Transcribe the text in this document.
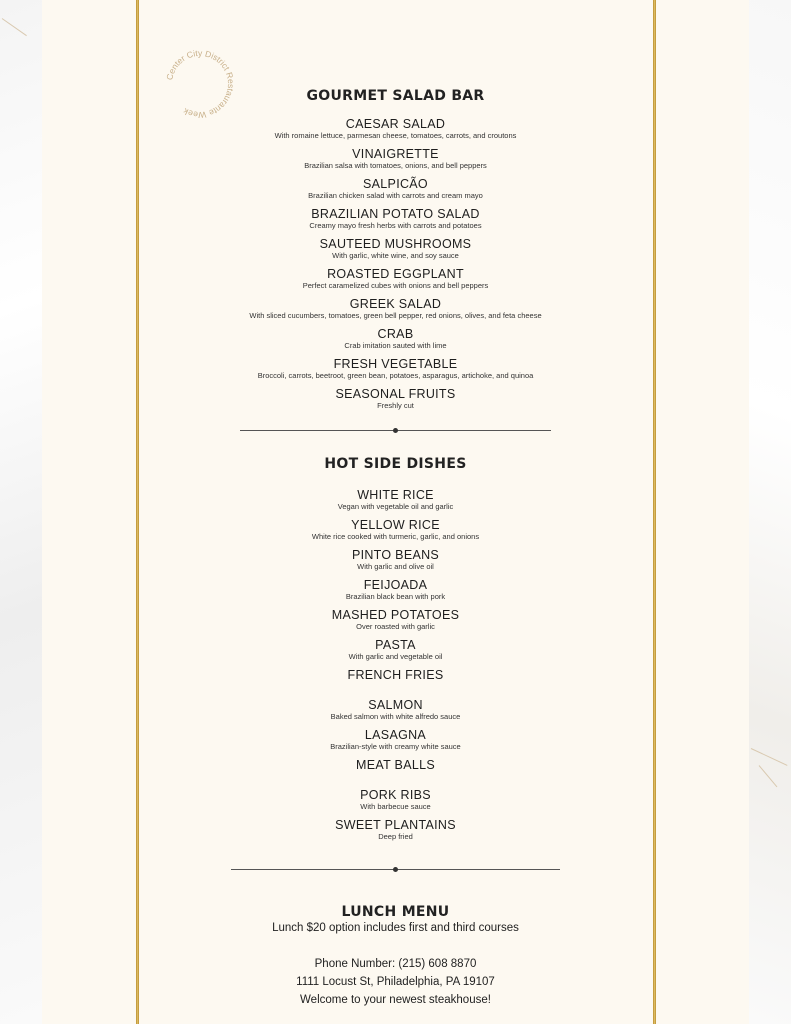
Center City District Restaurante Week
GOURMET SALAD BAR
CAESAR SALAD
With romaine lettuce, parmesan cheese, tomatoes, carrots, and croutons
VINAIGRETTE
Brazilian salsa with tomatoes, onions, and bell peppers
SALPICÃO
Brazilian chicken salad with carrots and cream mayo
BRAZILIAN POTATO SALAD
Creamy mayo fresh herbs with carrots and potatoes
SAUTEED MUSHROOMS
With garlic, white wine, and soy sauce
ROASTED EGGPLANT
Perfect caramelized cubes with onions and bell peppers
GREEK SALAD
With sliced cucumbers, tomatoes, green bell pepper, red onions, olives, and feta cheese
CRAB
Crab imitation sauted with lime
FRESH VEGETABLE
Broccoli, carrots, beetroot, green bean, potatoes, asparagus, artichoke, and quinoa
SEASONAL FRUITS
Freshly cut
HOT SIDE DISHES
WHITE RICE
Vegan with vegetable oil and garlic
YELLOW RICE
White rice cooked with turmeric, garlic, and onions
PINTO BEANS
With garlic and olive oil
FEIJOADA
Brazilian black bean with pork
MASHED POTATOES
Over roasted with garlic
PASTA
With garlic and vegetable oil
FRENCH FRIES
SALMON
Baked salmon with white alfredo sauce
LASAGNA
Brazilian-style with creamy white sauce
MEAT BALLS
PORK RIBS
With barbecue sauce
SWEET PLANTAINS
Deep fried
LUNCH MENU
Lunch $20 option includes first and third courses
Phone Number: (215) 608 8870
1111 Locust St, Philadelphia, PA 19107
Welcome to your newest steakhouse!
